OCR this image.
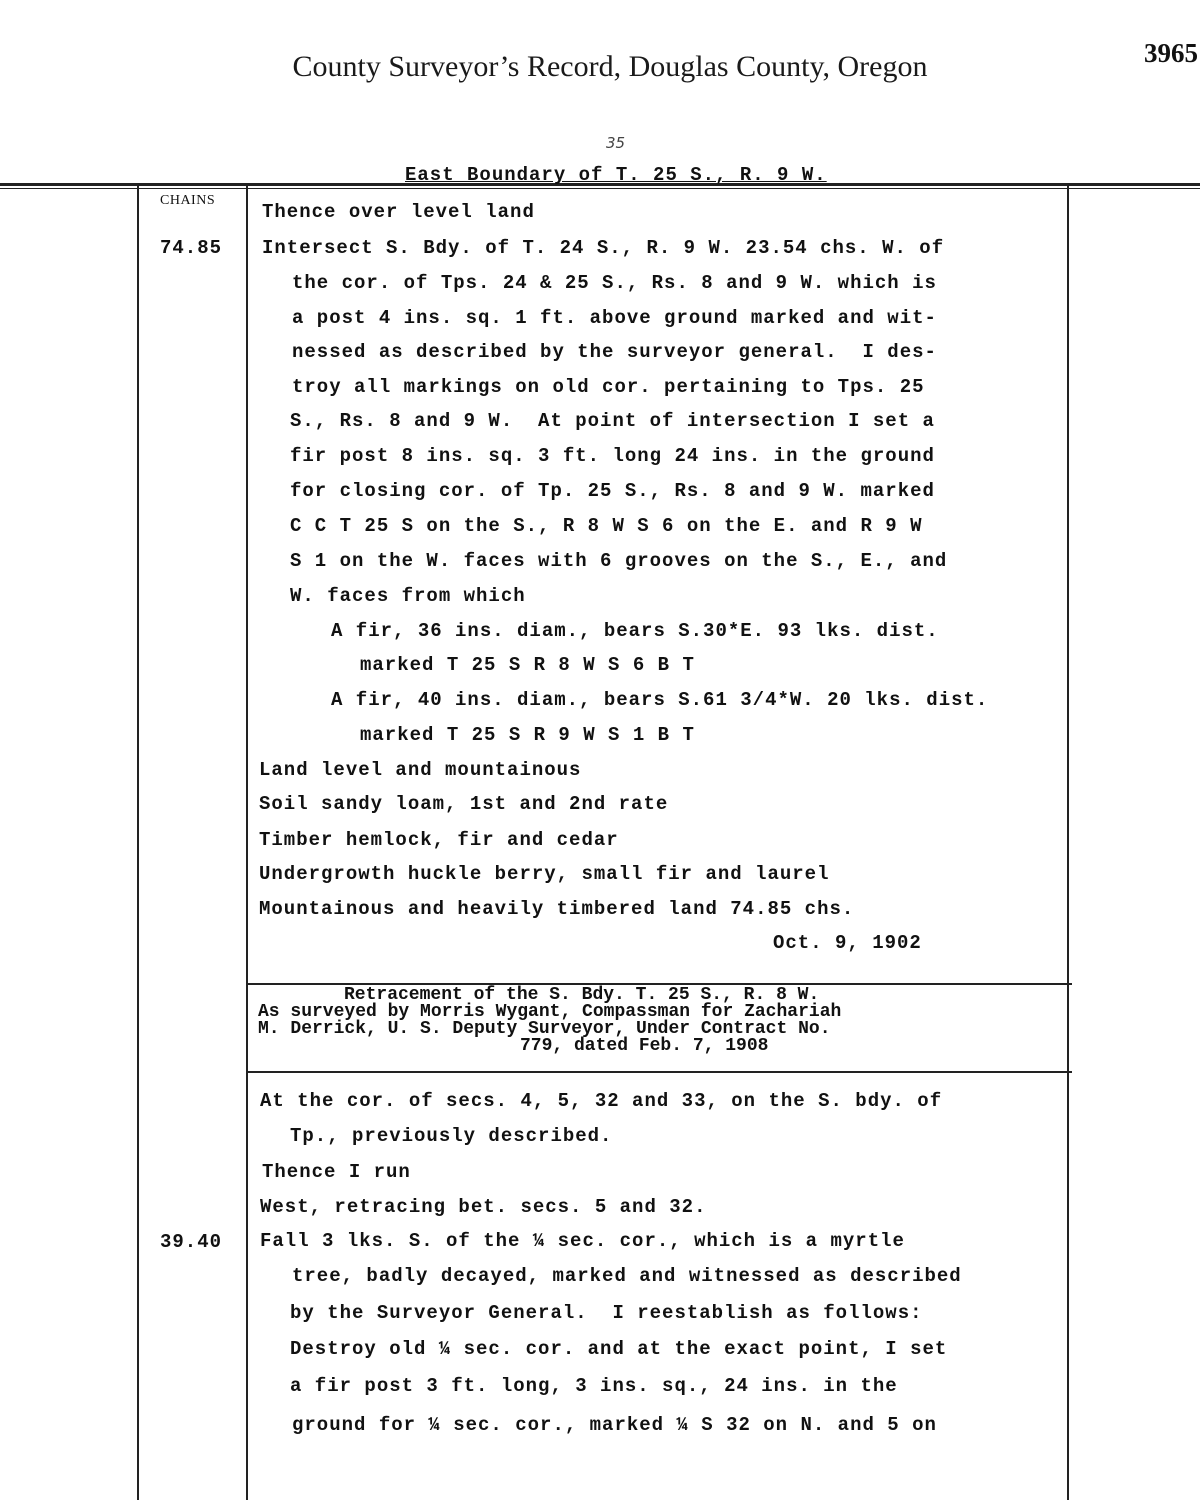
County Surveyor’s Record, Douglas County, Oregon	3965
35
East Boundary of T. 25 S., R. 9 W.
CHAINS
74.85
39.40
Thence over level land
Intersect S. Bdy. of T. 24 S., R. 9 W. 23.54 chs. W. of
the cor. of Tps. 24 & 25 S., Rs. 8 and 9 W. which is
a post 4 ins. sq. 1 ft. above ground marked and wit-
nessed as described by the surveyor general.  I des-
troy all markings on old cor. pertaining to Tps. 25
S., Rs. 8 and 9 W.  At point of intersection I set a
fir post 8 ins. sq. 3 ft. long 24 ins. in the ground
for closing cor. of Tp. 25 S., Rs. 8 and 9 W. marked
C C T 25 S on the S., R 8 W S 6 on the E. and R 9 W
S 1 on the W. faces with 6 grooves on the S., E., and
W. faces from which
A fir, 36 ins. diam., bears S.30*E. 93 lks. dist.
marked T 25 S R 8 W S 6 B T
A fir, 40 ins. diam., bears S.61 3/4*W. 20 lks. dist.
marked T 25 S R 9 W S 1 B T
Land level and mountainous
Soil sandy loam, 1st and 2nd rate
Timber hemlock, fir and cedar
Undergrowth huckle berry, small fir and laurel
Mountainous and heavily timbered land 74.85 chs.
Oct. 9, 1902
Retracement of the S. Bdy. T. 25 S., R. 8 W.
As surveyed by Morris Wygant, Compassman for Zachariah
M. Derrick, U. S. Deputy Surveyor, Under Contract No.
779, dated Feb. 7, 1908
At the cor. of secs. 4, 5, 32 and 33, on the S. bdy. of
Tp., previously described.
Thence I run
West, retracing bet. secs. 5 and 32.
Fall 3 lks. S. of the ¼ sec. cor., which is a myrtle
tree, badly decayed, marked and witnessed as described
by the Surveyor General.  I reestablish as follows:
Destroy old ¼ sec. cor. and at the exact point, I set
a fir post 3 ft. long, 3 ins. sq., 24 ins. in the
ground for ¼ sec. cor., marked ¼ S 32 on N. and 5 on
